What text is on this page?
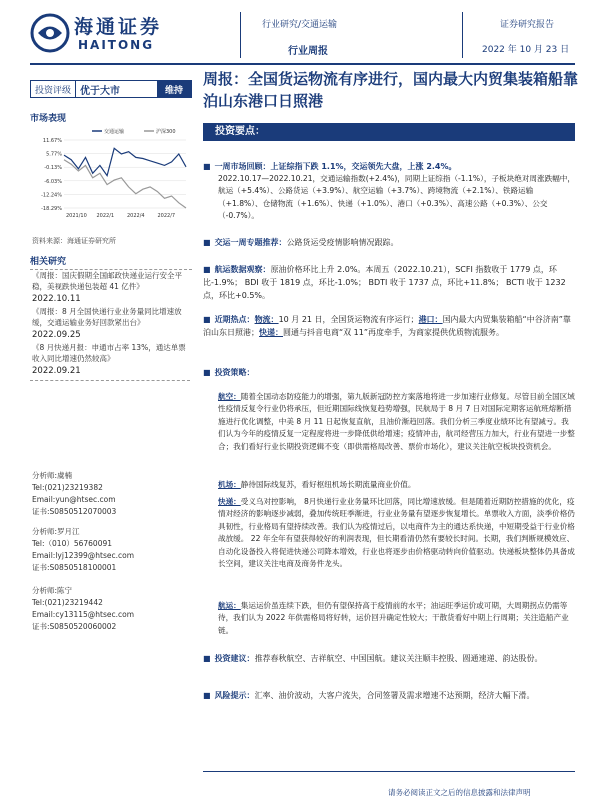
海通证券
HAITONG
行业研究/交通运输
行业周报
证券研究报告
2022 年 10 月 23 日
投资评级 优于大市	维持
市场表现
交通运输	沪深300
11.67%
5.77%
-0.13%
-6.03%
-12.24%
-18.29%
2021/10 2022/1	2022/4	2022/7
资料来源：海通证券研究所
相关研究
《周报：国庆假期全国邮政快递业运行安全平稳，美视跌快递包装超 41 亿件》
2022.10.11
《周报：8 月全国快递行业业务量同比增速放缓，交通运输业务好回款紧出台》
2022.09.25
《8 月快递月报：申通市占率 13%，通达单票收入同比增速仍然较高》
2022.09.21
分析师:虞楠
Tel:(021)23219382
Email:yun@htsec.com
证书:S0850512070003
分析师:罗月江
Tel:（010）56760091
Email:lyj12399@htsec.com
证书:S0850518100001
分析师:陈宁
Tel:(021)23219442
Email:cy13115@htsec.com
证书:S0850520060002
周报：全国货运物流有序进行，国内最大内贸集装箱船靠泊山东港口日照港
投资要点：
■ 一周市场回顾：上证综指下跌 1.1%，交运领先大盘，上涨 2.4%。
2022.10.17—2022.10.21，交通运输指数(+2.4%)，同期上证综指（-1.1%），子板块绝对周涨跌幅中，航运（+5.4%）、公路货运（+3.9%）、航空运输（+3.7%）、跨境物流（+2.1%）、铁路运输（+1.8%）、仓储物流（+1.6%）、快递（+1.0%）、港口（+0.3%）、高速公路（+0.3%）、公交（-0.7%）。
■ 交运一周专题推荐：公路货运受疫情影响情况跟踪。
■ 航运数据观察：原油价格环比上升 2.0%。本周五（2022.10.21），SCFI 指数收于 1779 点，环比-1.9%； BDI 收于 1819 点，环比-1.0%； BDTI 收于 1737 点，环比+11.8%； BCTI 收于 1232 点，环比+0.5%。
■ 近期热点：物流：10 月 21 日，全国货运物流有序运行；港口：国内最大内贸集装箱船“中谷济南”靠泊山东日照港；快递：圆通与抖音电商“双 11”再度牵手，为商家提供优质物流服务。
■ 投资策略：
航空：随着全国动态防疫能力的增强，第九版新冠防控方案落地将进一步加速行业修复。尽管目前全国区域性疫情反复令行业仍将承压，但近期国际线恢复趋势增强，民航局于 8 月 7 日对国际定期客运航班熔断措施进行优化调整，中美 8 月 11 日起恢复直航，且油价渐趋回落。我们分析三季度业绩环比有望减亏。我们认为今年的疫情反复一定程度将进一步降低供给增速；疫情冲击，航司经营压力加大，行业有望进一步整合；我们看好行业长期投资逻辑不变（即供需格局改善、票价市场化），建议关注航空板块投资机会。
机场：静待国际线复苏，看好枢纽机场长期流量商业价值。
快递：受义乌对控影响， 8月快递行业业务量环比回落，同比增速放缓。但是随着近期防控措施的优化，疫情对经济的影响逐步减弱，叠加传统旺季渐进，行业业务量有望逐步恢复增长。单票收入方面，淡季价格仍具韧性，行业格局有望持续改善。我们认为疫情过后，以电商件为主的通达系快递，中短期受益于行业价格战放缓。 22 年全年有望获得较好的利润表现，但长期看清仍然有要较长时间。长期，我们判断规模效应、自动化设备投入将促进快递公司降本增效，行业也将逐步由价格驱动转向价值驱动。快递板块整体仍具备成长空间，建议关注电商及商务件龙头。
航运：集运运价虽连续下跌，但仍有望保持高于疫情前的水平；油运旺季运价或可期，大周期拐点仍需等待，我们认为 2022 年供需格局将好转，运价回升确定性较大；干散货看好中期上行周期；关注造船产业链。
■ 投资建议：推荐春秋航空、吉祥航空、中国国航。建议关注顺丰控股、圆通速递、韵达股份。
■ 风险提示：汇率、油价波动，大客户流失，合同签署及需求增速不达预期，经济大幅下滑。
请务必阅读正文之后的信息披露和法律声明
